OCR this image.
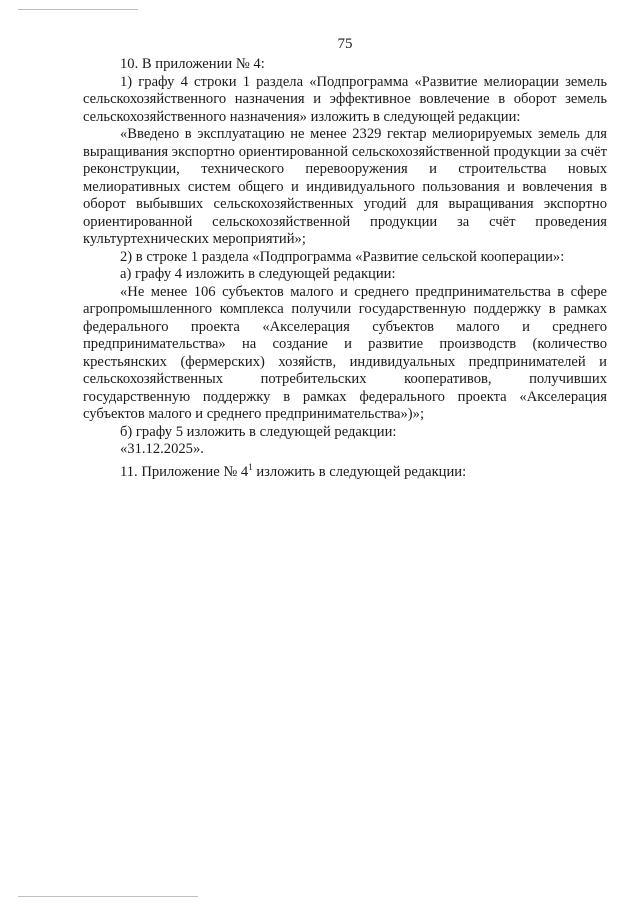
75

10. В приложении № 4:

1) графу 4 строки 1 раздела «Подпрограмма «Развитие мелиорации земель сельскохозяйственного назначения и эффективное вовлечение в оборот земель сельскохозяйственного назначения» изложить в следующей редакции:

«Введено в эксплуатацию не менее 2329 гектар мелиорируемых земель для выращивания экспортно ориентированной сельскохозяйственной продукции за счёт реконструкции, технического перевооружения и строительства новых мелиоративных систем общего и индивидуального пользования и вовлечения в оборот выбывших сельскохозяйственных угодий для выращивания экспортно ориентированной сельскохозяйственной продукции за счёт проведения культуртехнических мероприятий»;

2) в строке 1 раздела «Подпрограмма «Развитие сельской кооперации»:

а) графу 4 изложить в следующей редакции:

«Не менее 106 субъектов малого и среднего предпринимательства в сфере агропромышленного комплекса получили государственную поддержку в рамках федерального проекта «Акселерация субъектов малого и среднего предпринимательства» на создание и развитие производств (количество крестьянских (фермерских) хозяйств, индивидуальных предпринимателей и сельскохозяйственных потребительских кооперативов, получивших государственную поддержку в рамках федерального проекта «Акселерация субъектов малого и среднего предпринимательства»)»;

б) графу 5 изложить в следующей редакции:

«31.12.2025».

11. Приложение № $4^1$ изложить в следующей редакции:
